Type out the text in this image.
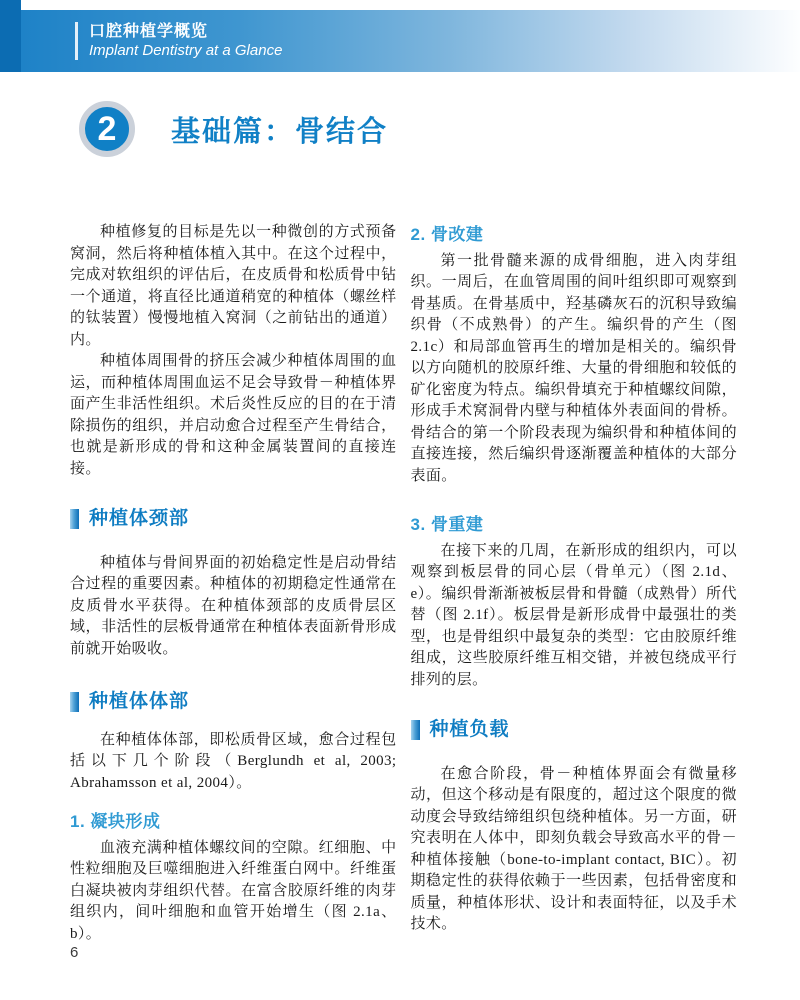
口腔种植学概览
Implant Dentistry at a Glance
2	基础篇：骨结合

种植修复的目标是先以一种微创的方式预备窝洞，然后将种植体植入其中。在这个过程中，完成对软组织的评估后，在皮质骨和松质骨中钻一个通道，将直径比通道稍宽的种植体（螺丝样的钛装置）慢慢地植入窝洞（之前钻出的通道）内。

种植体周围骨的挤压会减少种植体周围的血运，而种植体周围血运不足会导致骨－种植体界面产生非活性组织。术后炎性反应的目的在于清除损伤的组织，并启动愈合过程至产生骨结合，也就是新形成的骨和这种金属装置间的直接连接。

种植体颈部

种植体与骨间界面的初始稳定性是启动骨结合过程的重要因素。种植体的初期稳定性通常在皮质骨水平获得。在种植体颈部的皮质骨层区域，非活性的层板骨通常在种植体表面新骨形成前就开始吸收。

种植体体部

在种植体体部，即松质骨区域，愈合过程包括以下几个阶段（Berglundh et al, 2003; Abrahamsson et al, 2004）。

1. 凝块形成

血液充满种植体螺纹间的空隙。红细胞、中性粒细胞及巨噬细胞进入纤维蛋白网中。纤维蛋白凝块被肉芽组织代替。在富含胶原纤维的肉芽组织内，间叶细胞和血管开始增生（图 2.1a、b）。

2. 骨改建

第一批骨髓来源的成骨细胞，进入肉芽组织。一周后，在血管周围的间叶组织即可观察到骨基质。在骨基质中，羟基磷灰石的沉积导致编织骨（不成熟骨）的产生。编织骨的产生（图 2.1c）和局部血管再生的增加是相关的。编织骨以方向随机的胶原纤维、大量的骨细胞和较低的矿化密度为特点。编织骨填充于种植螺纹间隙，形成手术窝洞骨内壁与种植体外表面间的骨桥。骨结合的第一个阶段表现为编织骨和种植体间的直接连接，然后编织骨逐渐覆盖种植体的大部分表面。

3. 骨重建

在接下来的几周，在新形成的组织内，可以观察到板层骨的同心层（骨单元）（图 2.1d、e）。编织骨渐渐被板层骨和骨髓（成熟骨）所代替（图 2.1f）。板层骨是新形成骨中最强壮的类型，也是骨组织中最复杂的类型：它由胶原纤维组成，这些胶原纤维互相交错，并被包绕成平行排列的层。

种植负载

在愈合阶段，骨－种植体界面会有微量移动，但这个移动是有限度的，超过这个限度的微动度会导致结缔组织包绕种植体。另一方面，研究表明在人体中，即刻负载会导致高水平的骨－种植体接触（bone-to-implant contact, BIC）。初期稳定性的获得依赖于一些因素，包括骨密度和质量，种植体形状、设计和表面特征，以及手术技术。

6
